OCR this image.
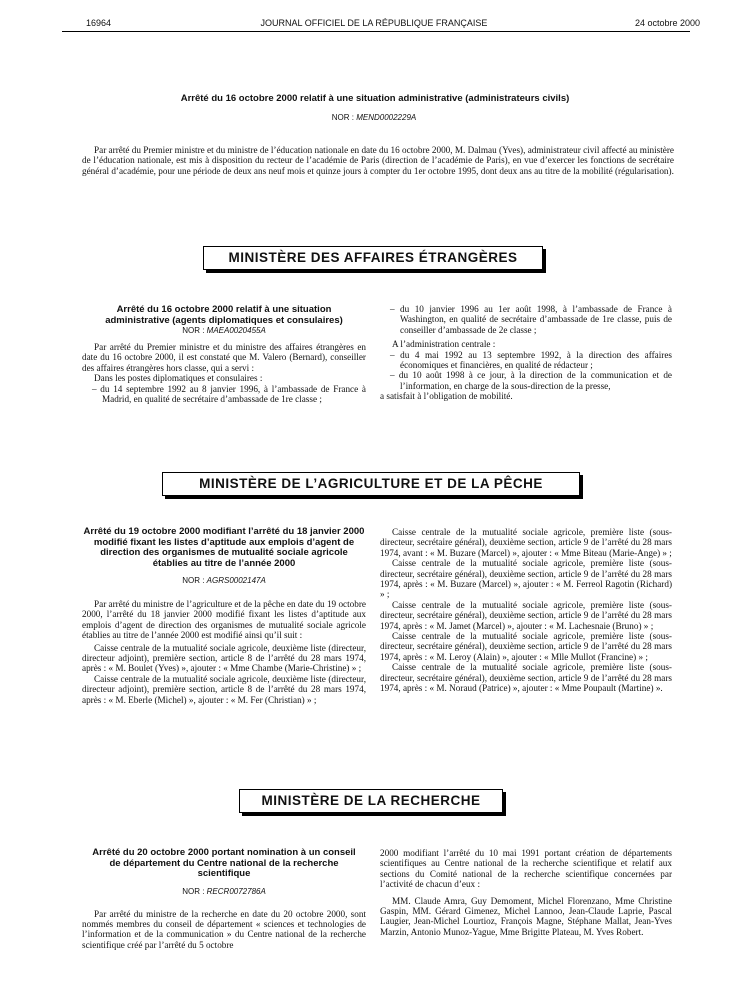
16964	JOURNAL OFFICIEL DE LA RÉPUBLIQUE FRANÇAISE	24 octobre 2000
Arrêté du 16 octobre 2000 relatif à une situation administrative (administrateurs civils)
NOR : MEND0002229A

Par arrêté du Premier ministre et du ministre de l’éducation nationale en date du 16 octobre 2000, M. Dalmau (Yves), administrateur civil affecté au ministère de l’éducation nationale, est mis à disposition du recteur de l’académie de Paris (direction de l’académie de Paris), en vue d’exercer les fonctions de secrétaire général d’académie, pour une période de deux ans neuf mois et quinze jours à compter du 1er octobre 1995, dont deux ans au titre de la mobilité (régularisation).

MINISTÈRE DES AFFAIRES ÉTRANGÈRES
Arrêté du 16 octobre 2000 relatif à une situation administrative (agents diplomatiques et consulaires)
NOR : MAEA0020455A

Par arrêté du Premier ministre et du ministre des affaires étrangères en date du 16 octobre 2000, il est constaté que M. Valero (Bernard), conseiller des affaires étrangères hors classe, qui a servi :

Dans les postes diplomatiques et consulaires :

– du 14 septembre 1992 au 8 janvier 1996, à l’ambassade de France à Madrid, en qualité de secrétaire d’ambassade de 1re classe ;

– du 10 janvier 1996 au 1er août 1998, à l’ambassade de France à Washington, en qualité de secrétaire d’ambassade de 1re classe, puis de conseiller d’ambassade de 2e classe ;

A l’administration centrale :

– du 4 mai 1992 au 13 septembre 1992, à la direction des affaires économiques et financières, en qualité de rédacteur ;

– du 10 août 1998 à ce jour, à la direction de la communication et de l’information, en charge de la sous-direction de la presse,

a satisfait à l’obligation de mobilité.

MINISTÈRE DE L’AGRICULTURE ET DE LA PÊCHE
Arrêté du 19 octobre 2000 modifiant l’arrêté du 18 janvier 2000 modifié fixant les listes d’aptitude aux emplois d’agent de direction des organismes de mutualité sociale agricole établies au titre de l’année 2000
NOR : AGRS0002147A

Par arrêté du ministre de l’agriculture et de la pêche en date du 19 octobre 2000, l’arrêté du 18 janvier 2000 modifié fixant les listes d’aptitude aux emplois d’agent de direction des organismes de mutualité sociale agricole établies au titre de l’année 2000 est modifié ainsi qu’il suit :

Caisse centrale de la mutualité sociale agricole, deuxième liste (directeur, directeur adjoint), première section, article 8 de l’arrêté du 28 mars 1974, après : « M. Boulet (Yves) », ajouter : « Mme Chambe (Marie-Christine) » ;

Caisse centrale de la mutualité sociale agricole, deuxième liste (directeur, directeur adjoint), première section, article 8 de l’arrêté du 28 mars 1974, après : « M. Eberle (Michel) », ajouter : « M. Fer (Christian) » ;

Caisse centrale de la mutualité sociale agricole, première liste (sous-directeur, secrétaire général), deuxième section, article 9 de l’arrêté du 28 mars 1974, avant : « M. Buzare (Marcel) », ajouter : « Mme Biteau (Marie-Ange) » ;

Caisse centrale de la mutualité sociale agricole, première liste (sous-directeur, secrétaire général), deuxième section, article 9 de l’arrêté du 28 mars 1974, après : « M. Buzare (Marcel) », ajouter : « M. Ferreol Ragotin (Richard) » ;

Caisse centrale de la mutualité sociale agricole, première liste (sous-directeur, secrétaire général), deuxième section, article 9 de l’arrêté du 28 mars 1974, après : « M. Jamet (Marcel) », ajouter : « M. Lachesnaie (Bruno) » ;

Caisse centrale de la mutualité sociale agricole, première liste (sous-directeur, secrétaire général), deuxième section, article 9 de l’arrêté du 28 mars 1974, après : « M. Leroy (Alain) », ajouter : « Mlle Mullot (Francine) » ;

Caisse centrale de la mutualité sociale agricole, première liste (sous-directeur, secrétaire général), deuxième section, article 9 de l’arrêté du 28 mars 1974, après : « M. Noraud (Patrice) », ajouter : « Mme Poupault (Martine) ».

MINISTÈRE DE LA RECHERCHE
Arrêté du 20 octobre 2000 portant nomination à un conseil de département du Centre national de la recherche scientifique
NOR : RECR0072786A

Par arrêté du ministre de la recherche en date du 20 octobre 2000, sont nommés membres du conseil de département « sciences et technologies de l’information et de la communication » du Centre national de la recherche scientifique créé par l’arrêté du 5 octobre

2000 modifiant l’arrêté du 10 mai 1991 portant création de départements scientifiques au Centre national de la recherche scientifique et relatif aux sections du Comité national de la recherche scientifique concernées par l’activité de chacun d’eux :

MM. Claude Amra, Guy Demoment, Michel Florenzano, Mme Christine Gaspin, MM. Gérard Gimenez, Michel Lannoo, Jean-Claude Laprie, Pascal Laugier, Jean-Michel Lourtioz, François Magne, Stéphane Mallat, Jean-Yves Marzin, Antonio Munoz-Yague, Mme Brigitte Plateau, M. Yves Robert.
